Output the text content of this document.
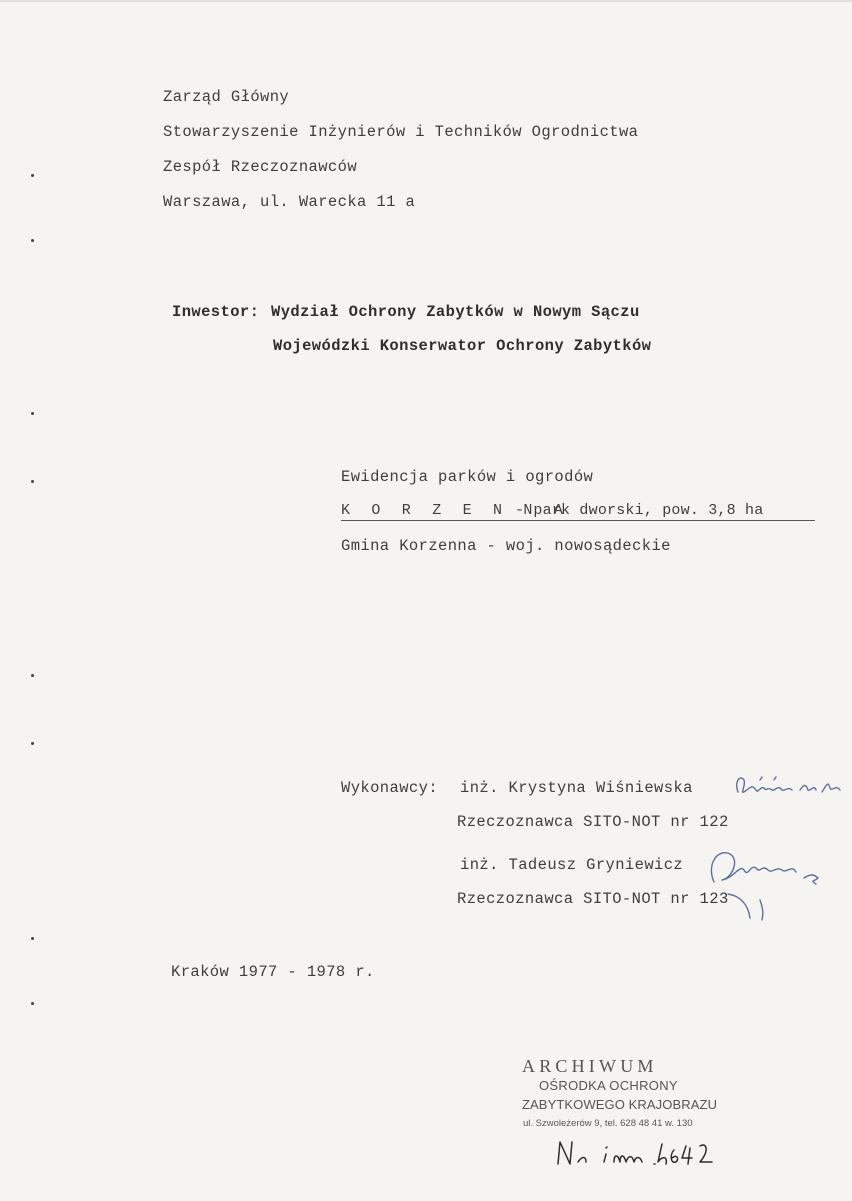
Zarząd Główny
Stowarzyszenie Inżynierów i Techników Ogrodnictwa
Zespół Rzeczoznawców
Warszawa, ul. Warecka 11 a
Inwestor: Wydział Ochrony Zabytków w Nowym Sączu
Wojewódzki Konserwator Ochrony Zabytków
Ewidencja parków i ogrodów
K O R Z E N N A
- park dworski, pow. 3,8 ha
Gmina Korzenna - woj. nowosądeckie
Wykonawcy: inż. Krystyna Wiśniewska
Rzeczoznawca SITO-NOT nr 122
inż. Tadeusz Gryniewicz
Rzeczoznawca SITO-NOT nr 123
Kraków 1977 - 1978 r.
ARCHIWUM
OŚRODKA OCHRONY
ZABYTKOWEGO KRAJOBRAZU
ul. Szwoleżerów 9, tel. 628 48 41 w. 130
